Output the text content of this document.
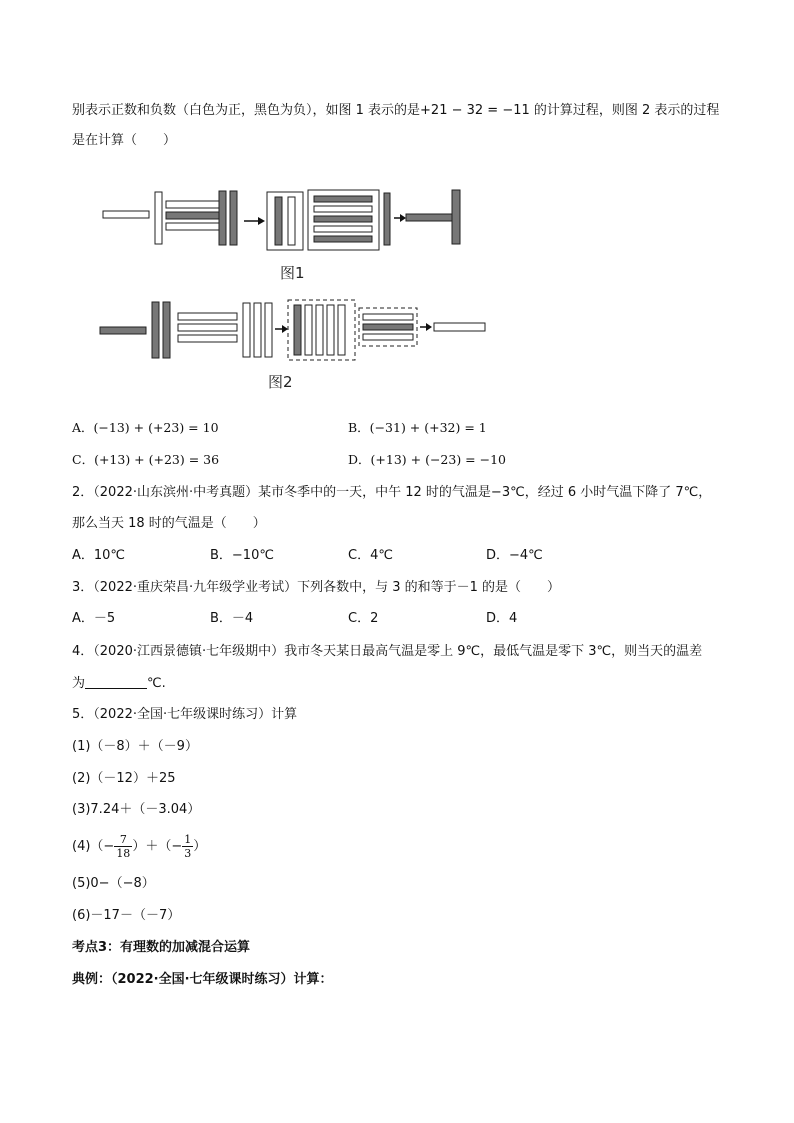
别表示正数和负数（白色为正，黑色为负），如图 1 表示的是+21 − 32 = −11 的计算过程，则图 2 表示的过程
是在计算（　　）
图1
图2
A．(−13) + (+23) = 10	B．(−31) + (+32) = 1
C．(+13) + (+23) = 36	D．(+13) + (−23) = −10
2．（2022·山东滨州·中考真题）某市冬季中的一天，中午 12 时的气温是−3℃，经过 6 小时气温下降了 7℃，
那么当天 18 时的气温是（　　）
A．10℃	B．−10℃	C．4℃	D．−4℃
3．（2022·重庆荣昌·九年级学业考试）下列各数中，与 3 的和等于－1 的是（　　）
A．－5	B．－4	C．2	D．4
4．（2020·江西景德镇·七年级期中）我市冬天某日最高气温是零上 9℃，最低气温是零下 3℃，则当天的温差
为	℃.
5．（2022·全国·七年级课时练习）计算
(1)（－8）＋（－9）
(2)（－12）＋25
(3)7.24＋（－3.04）
$(4)(- \frac{7}{18}$ ）＋（− $\frac{1}{3}$ ）
(5)0−（−8）
(6)－17－（－7）
考点3：有理数的加减混合运算
典例：（2022·全国·七年级课时练习）计算：
